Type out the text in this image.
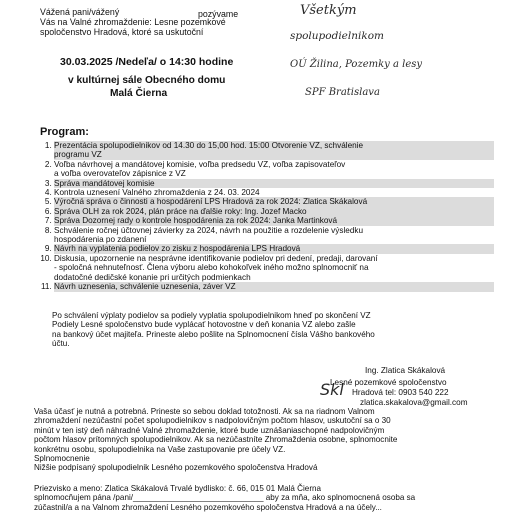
Vážená pani/vážený	pozývame
Vás na Valné zhromaždenie: Lesne pozemkové
spoločenstvo Hradová, ktoré sa uskutoční
Všetkým
spolupodielnikom
OÚ Žilina, Pozemky a lesy
SPF Bratislava
30.03.2025 /Nedeľa/ o 14:30 hodine
v kultúrnej sále Obecného domu
Malá Čierna
Program:
1. Prezentácia spolupodielnikov od 14.30 do 15,00 hod. 15:00 Otvorenie VZ, schválenie
programu VZ
2. Voľba návrhovej a mandátovej komisie, voľba predsedu VZ, voľba zapisovateľov
a voľba overovateľov zápisnice z VZ
3. Správa mandátovej komisie
4. Kontrola uznesení Valného zhromaždenia z 24. 03. 2024
5. Výročná správa o činnosti a hospodárení LPS Hradová za rok 2024: Zlatica Skákalová
6. Správa OLH za rok 2024, plán práce na ďalšie roky: Ing. Jozef Macko
7. Správa Dozornej rady o kontrole hospodárenia za rok 2024: Janka Martinková
8. Schválenie ročnej účtovnej závierky za 2024, návrh na použitie a rozdelenie výsledku
hospodárenia po zdanení
9. Návrh na vyplatenia podielov zo zisku z hospodárenia LPS Hradová
10. Diskusia, upozornenie na nesprávne identifikovanie podielov pri dedení, predaji, darovaní
- spoločná nehnuteľnosť. Člena výboru alebo kohokoľvek iného možno splnomocniť na
dodatočné dedičské konanie pri určitých podmienkach
11. Návrh uznesenia, schválenie uznesenia, záver VZ
Po schválení výplaty podielov sa podiely vyplatia spolupodielnikom hneď po skončení VZ
Podiely Lesné spoločenstvo bude vyplácať hotovostne v deň konania VZ alebo zašle
na bankový účet majiteľa. Prineste alebo pošlite na Splnomocnení čísla Vášho bankového
účtu.
Skl
Ing. Zlatica Skákalová
Lesné pozemkové spoločenstvo
Hradová tel: 0903 540 222
zlatica.skakalova@gmail.com
Vaša účasť je nutná a potrebná. Prineste so sebou doklad totožnosti. Ak sa na riadnom Valnom
zhromaždení nezúčastní počet spolupodielnikov s nadpolovičným počtom hlasov, uskutoční sa o 30
minút v ten istý deň náhradné Valné zhromaždenie, ktoré bude uznášaniaschopné nadpolovičným
počtom hlasov prítomných spolupodielnikov. Ak sa nezúčastníte Zhromaždenia osobne, splnomocnite
konkrétnu osobu, spolupodielnika na Vaše zastupovanie pre účely VZ.
Splnomocnenie
Nižšie podpísaný spolupodielnik Lesného pozemkového spoločenstva Hradová
Priezvisko a meno: Zlatica Skákalová Trvalé bydlisko: č. 66, 015 01 Malá Čierna
splnomocňujem pána /pani/_____________________________ aby za mňa, ako splnomocnená osoba sa
zúčastnil/a a na Valnom zhromaždení Lesného pozemkového spoločenstva Hradová a na účely...
